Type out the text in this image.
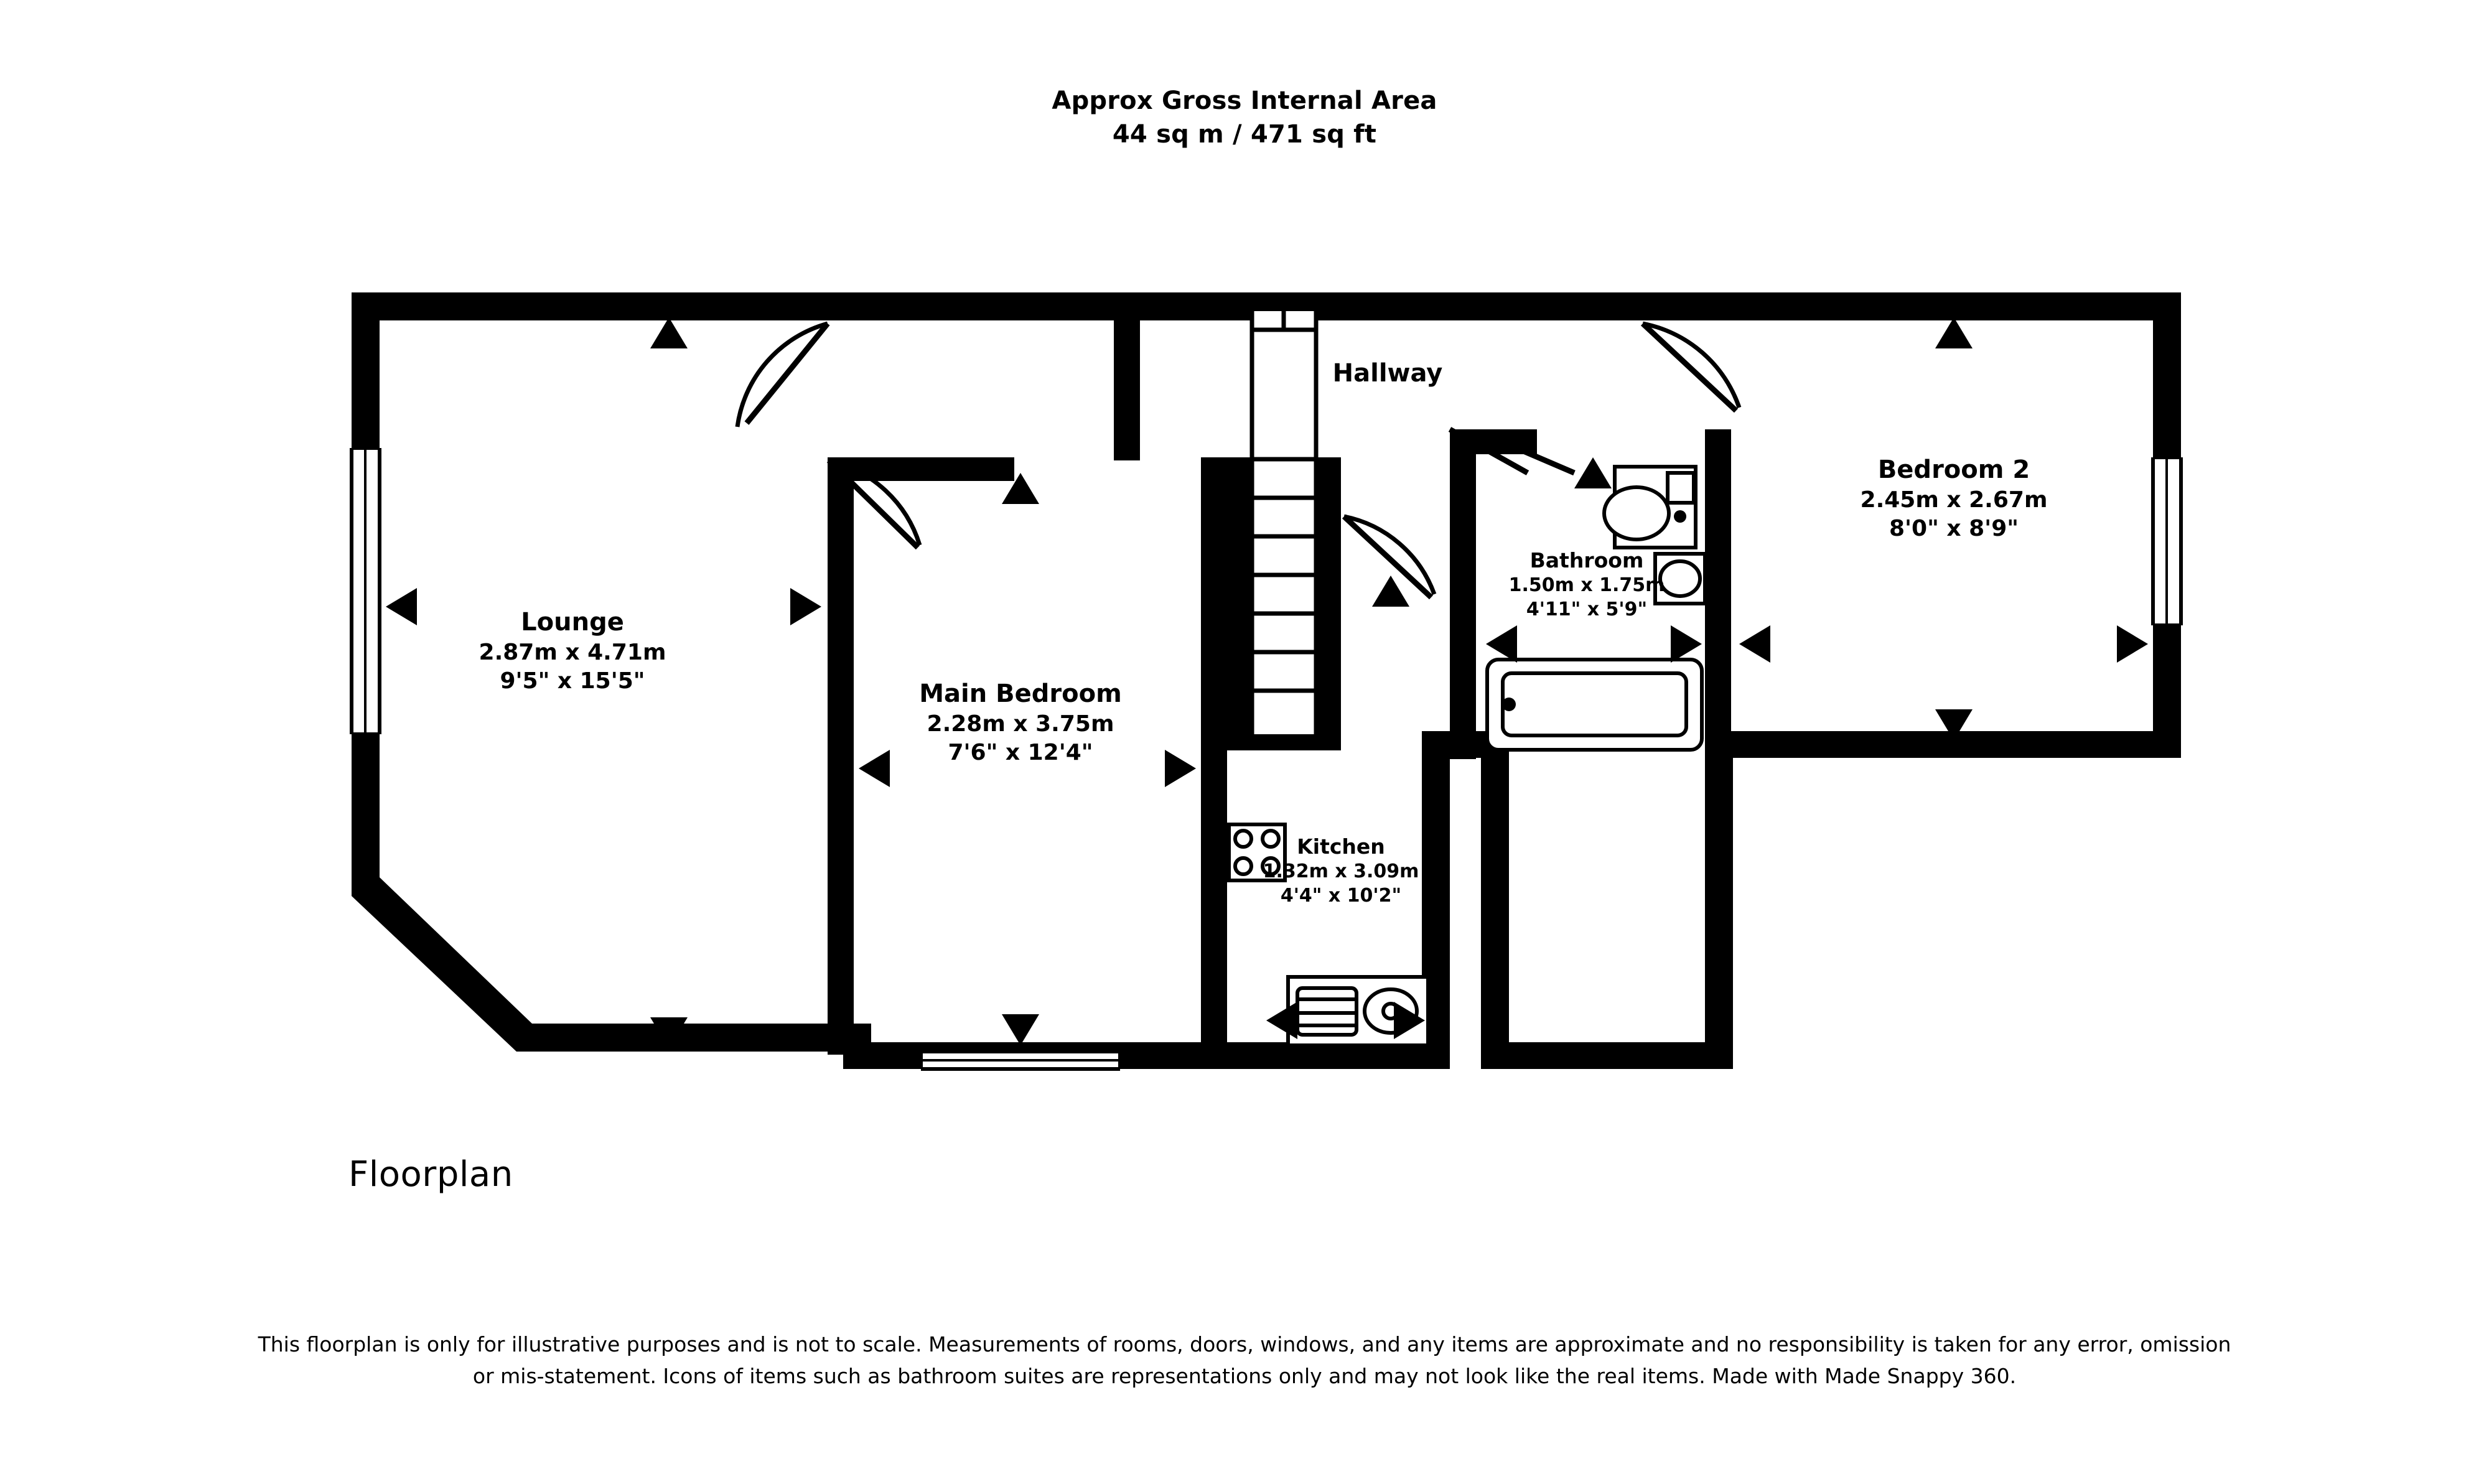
Approx Gross Internal Area
44 sq m / 471 sq ft
Lounge
2.87m x 4.71m
9'5" x 15'5"	Main Bedroom
2.28m x 3.75m
7'6" x 12'4"
Hallway
Bathroom
1.50m x 1.75m
4'11" x 5'9"
Bedroom 2
2.45m x 2.67m
8'0" x 8'9"
Kitchen
1.32m x 3.09m
4'4" x 10'2"
Floorplan
This floorplan is only for illustrative purposes and is not to scale. Measurements of rooms, doors, windows, and any items are approximate and no responsibility is taken for any error, omission or mis-statement. Icons of items such as bathroom suites are representations only and may not look like the real items. Made with Made Snappy 360.
